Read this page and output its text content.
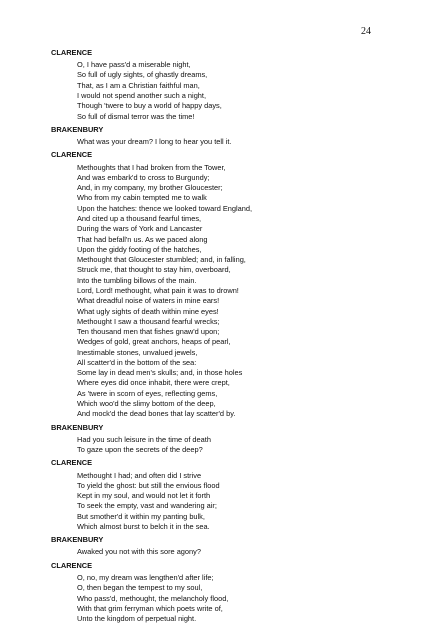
24
CLARENCE
O, I have pass'd a miserable night,
So full of ugly sights, of ghastly dreams,
That, as I am a Christian faithful man,
I would not spend another such a night,
Though 'twere to buy a world of happy days,
So full of dismal terror was the time!
BRAKENBURY
What was your dream? I long to hear you tell it.
CLARENCE
Methoughts that I had broken from the Tower,
And was embark'd to cross to Burgundy;
And, in my company, my brother Gloucester;
Who from my cabin tempted me to walk
Upon the hatches: thence we looked toward England,
And cited up a thousand fearful times,
During the wars of York and Lancaster
That had befall'n us. As we paced along
Upon the giddy footing of the hatches,
Methought that Gloucester stumbled; and, in falling,
Struck me, that thought to stay him, overboard,
Into the tumbling billows of the main.
Lord, Lord! methought, what pain it was to drown!
What dreadful noise of waters in mine ears!
What ugly sights of death within mine eyes!
Methought I saw a thousand fearful wrecks;
Ten thousand men that fishes gnaw'd upon;
Wedges of gold, great anchors, heaps of pearl,
Inestimable stones, unvalued jewels,
All scatter'd in the bottom of the sea:
Some lay in dead men's skulls; and, in those holes
Where eyes did once inhabit, there were crept,
As 'twere in scorn of eyes, reflecting gems,
Which woo'd the slimy bottom of the deep,
And mock'd the dead bones that lay scatter'd by.
BRAKENBURY
Had you such leisure in the time of death
To gaze upon the secrets of the deep?
CLARENCE
Methought I had; and often did I strive
To yield the ghost: but still the envious flood
Kept in my soul, and would not let it forth
To seek the empty, vast and wandering air;
But smother'd it within my panting bulk,
Which almost burst to belch it in the sea.
BRAKENBURY
Awaked you not with this sore agony?
CLARENCE
O, no, my dream was lengthen'd after life;
O, then began the tempest to my soul,
Who pass'd, methought, the melancholy flood,
With that grim ferryman which poets write of,
Unto the kingdom of perpetual night.
